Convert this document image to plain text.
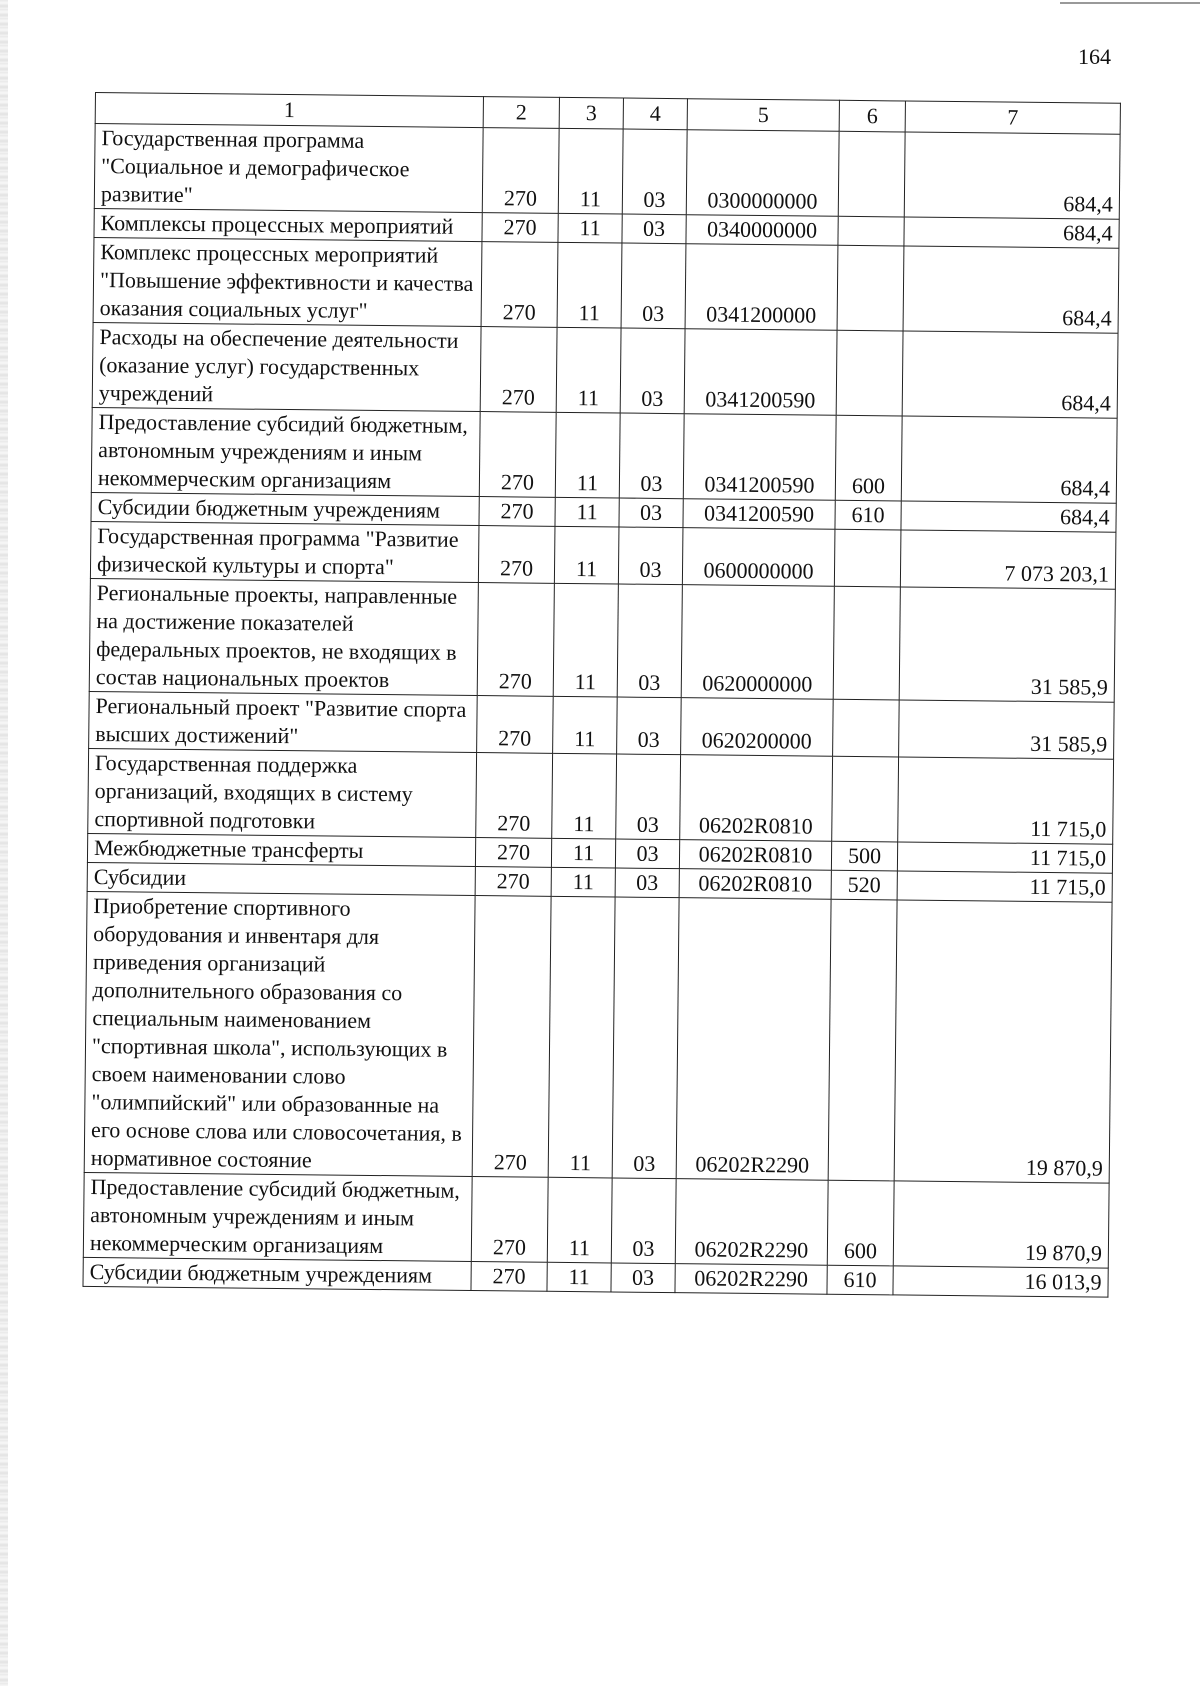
164
1	2	3	4	5	6	7
Государственная программа "Социальное и демографическое развитие"	270	11	03	0300000000		684,4
Комплексы процессных мероприятий	270	11	03	0340000000		684,4
Комплекс процессных мероприятий "Повышение эффективности и качества оказания социальных услуг"	270	11	03	0341200000		684,4
Расходы на обеспечение деятельности (оказание услуг) государственных учреждений	270	11	03	0341200590		684,4
Предоставление субсидий бюджетным, автономным учреждениям и иным некоммерческим организациям	270	11	03	0341200590	600	684,4
Субсидии бюджетным учреждениям	270	11	03	0341200590	610	684,4
Государственная программа "Развитие физической культуры и спорта"	270	11	03	0600000000		7 073 203,1
Региональные проекты, направленные на достижение показателей федеральных проектов, не входящих в состав национальных проектов	270	11	03	0620000000		31 585,9
Региональный проект "Развитие спорта высших достижений"	270	11	03	0620200000		31 585,9
Государственная поддержка организаций, входящих в систему спортивной подготовки	270	11	03	06202R0810		11 715,0
Межбюджетные трансферты	270	11	03	06202R0810	500	11 715,0
Субсидии	270	11	03	06202R0810	520	11 715,0
Приобретение спортивного оборудования и инвентаря для приведения организаций дополнительного образования со специальным наименованием "спортивная школа", использующих в своем наименовании слово "олимпийский" или образованные на его основе слова или словосочетания, в нормативное состояние	270	11	03	06202R2290		19 870,9
Предоставление субсидий бюджетным, автономным учреждениям и иным некоммерческим организациям	270	11	03	06202R2290	600	19 870,9
Субсидии бюджетным учреждениям	270	11	03	06202R2290	610	16 013,9
